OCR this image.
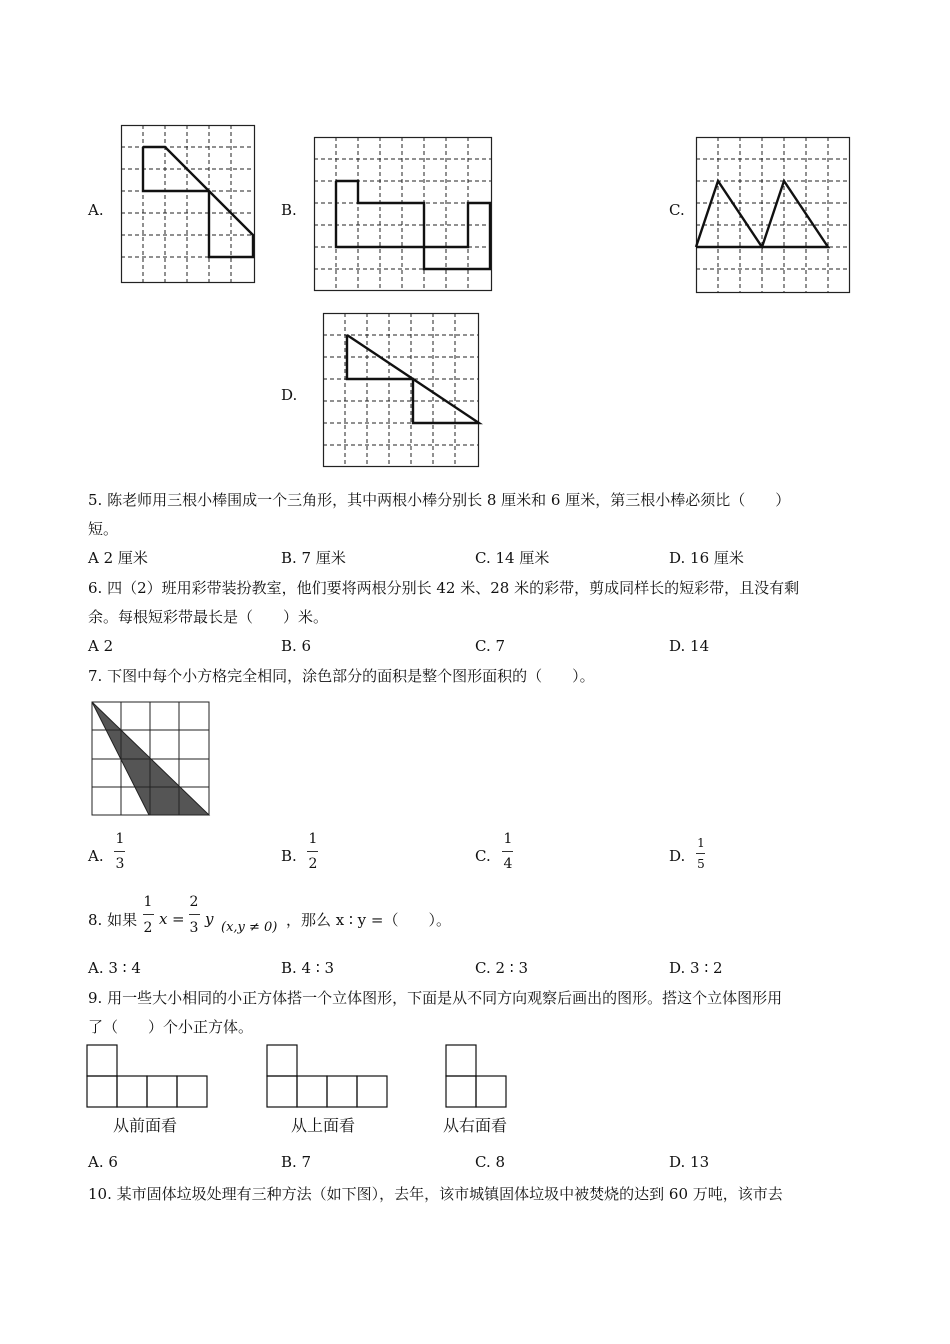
A.	B.	C.
D.
5. 陈老师用三根小棒围成一个三角形，其中两根小棒分别长 8 厘米和 6 厘米，第三根小棒必须比（　　）
短。
A 2 厘米	B. 7 厘米	C. 14 厘米	D. 16 厘米
6. 四（2）班用彩带装扮教室，他们要将两根分别长 42 米、28 米的彩带，剪成同样长的短彩带，且没有剩
余。每根短彩带最长是（　　）米。
A 2	B. 6	C. 7	D. 14
7. 下图中每个小方格完全相同，涂色部分的面积是整个图形面积的（　　）。
A.
1
3	B.
1
2	C.
1
4	D.
1
5
8. 如果
1
2 x =
2
3 y (x,y ≠ 0) ，那么 x ∶ y =（　　）。
A. 3 ∶ 4	B. 4 ∶ 3	C. 2 ∶ 3	D. 3 ∶ 2
9. 用一些大小相同的小正方体搭一个立体图形，下面是从不同方向观察后画出的图形。搭这个立体图形用
了（　　）个小正方体。
从前面看	从上面看	从右面看
A. 6	B. 7	C. 8	D. 13
10. 某市固体垃圾处理有三种方法（如下图），去年，该市城镇固体垃圾中被焚烧的达到 60 万吨，该市去
